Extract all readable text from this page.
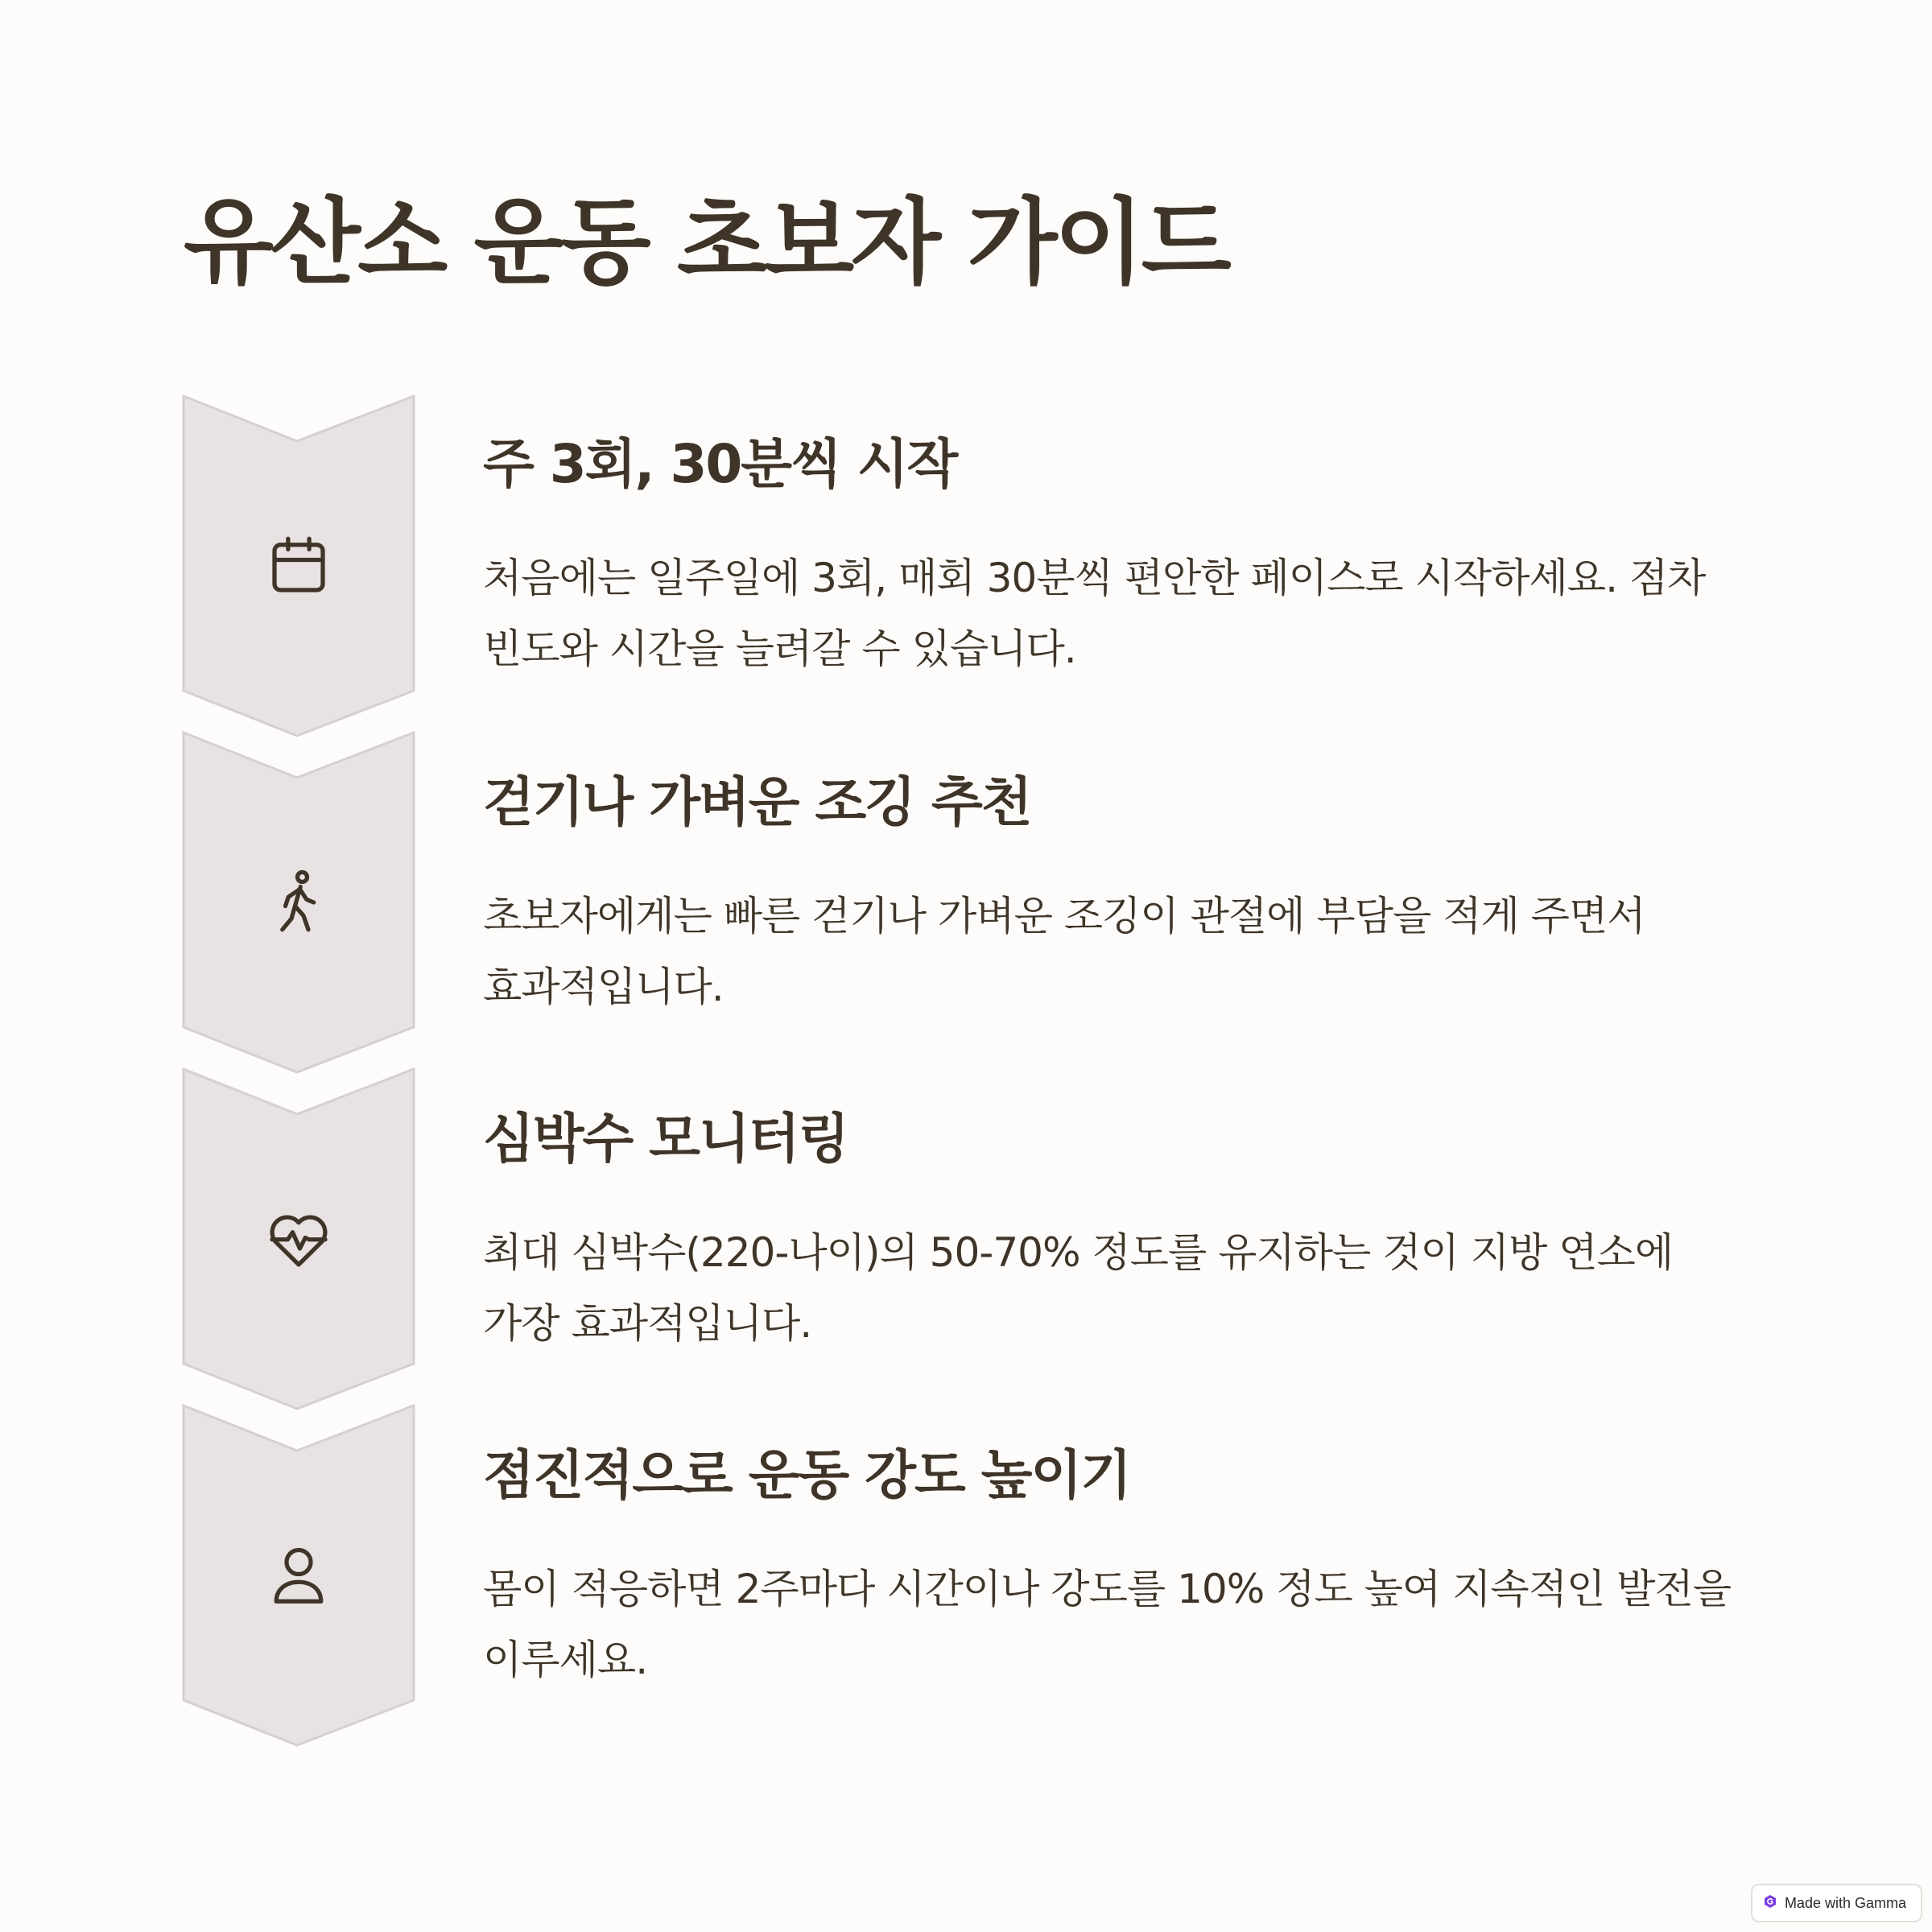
유산소 운동 초보자 가이드
주 3회, 30분씩 시작

처음에는 일주일에 3회, 매회 30분씩 편안한 페이스로 시작하세요. 점차 빈도와 시간을 늘려갈 수 있습니다.

걷기나 가벼운 조깅 추천

초보자에게는 빠른 걷기나 가벼운 조깅이 관절에 부담을 적게 주면서 효과적입니다.

심박수 모니터링

최대 심박수(220-나이)의 50-70% 정도를 유지하는 것이 지방 연소에 가장 효과적입니다.

점진적으로 운동 강도 높이기

몸이 적응하면 2주마다 시간이나 강도를 10% 정도 높여 지속적인 발전을 이루세요.

Made with Gamma
